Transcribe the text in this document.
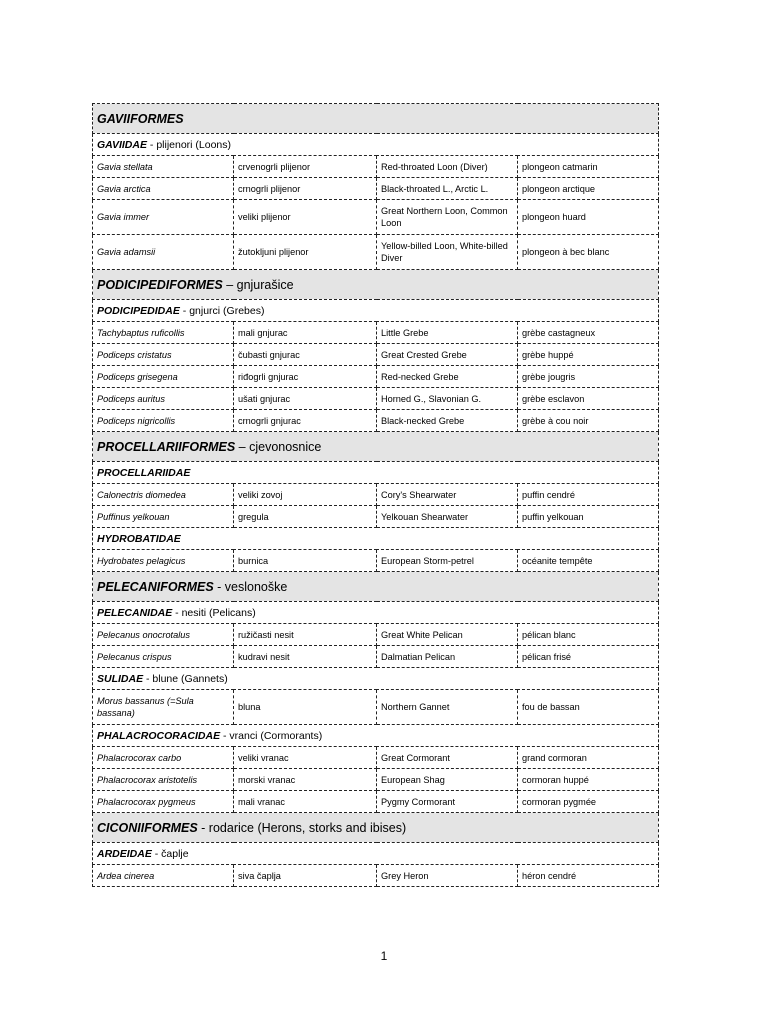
GAVIIFORMES			
GAVIIDAE - plijenori (Loons)			
Gavia stellata	crvenogrli plijenor	Red-throated Loon (Diver)	plongeon catmarin
Gavia arctica	crnogrli plijenor	Black-throated L., Arctic L.	plongeon arctique
Gavia immer	veliki plijenor	Great Northern Loon, Common Loon	plongeon huard
Gavia adamsii	žutokljuni plijenor	Yellow-billed Loon, White-billed Diver	plongeon à bec blanc
PODICIPEDIFORMES – gnjurašice			
PODICIPEDIDAE - gnjurci (Grebes)			
Tachybaptus ruficollis	mali gnjurac	Little Grebe	grèbe castagneux
Podiceps cristatus	čubasti gnjurac	Great Crested Grebe	grèbe huppé
Podiceps grisegena	riđogrli gnjurac	Red-necked Grebe	grèbe jougris
Podiceps auritus	ušati gnjurac	Horned G., Slavonian G.	grèbe esclavon
Podiceps nigricollis	crnogrli gnjurac	Black-necked Grebe	grèbe à cou noir
PROCELLARIIFORMES – cjevonosnice			
PROCELLARIIDAE			
Calonectris diomedea	veliki zovoj	Cory's Shearwater	puffin cendré
Puffinus yelkouan	gregula	Yelkouan Shearwater	puffin yelkouan
HYDROBATIDAE			
Hydrobates pelagicus	burnica	European Storm-petrel	océanite tempête
PELECANIFORMES - veslonoške			
PELECANIDAE - nesiti (Pelicans)			
Pelecanus onocrotalus	ružičasti nesit	Great White Pelican	pélican blanc
Pelecanus crispus	kudravi nesit	Dalmatian Pelican	pélican frisé
SULIDAE - blune (Gannets)			
Morus bassanus (=Sula bassana)	bluna	Northern Gannet	fou de bassan
PHALACROCORACIDAE - vranci (Cormorants)			
Phalacrocorax carbo	veliki vranac	Great Cormorant	grand cormoran
Phalacrocorax aristotelis	morski vranac	European Shag	cormoran huppé
Phalacrocorax pygmeus	mali vranac	Pygmy Cormorant	cormoran pygmée
CICONIIFORMES - rodarice (Herons, storks and ibises)			
ARDEIDAE - čaplje			
Ardea cinerea	siva čaplja	Grey Heron	héron cendré
1
